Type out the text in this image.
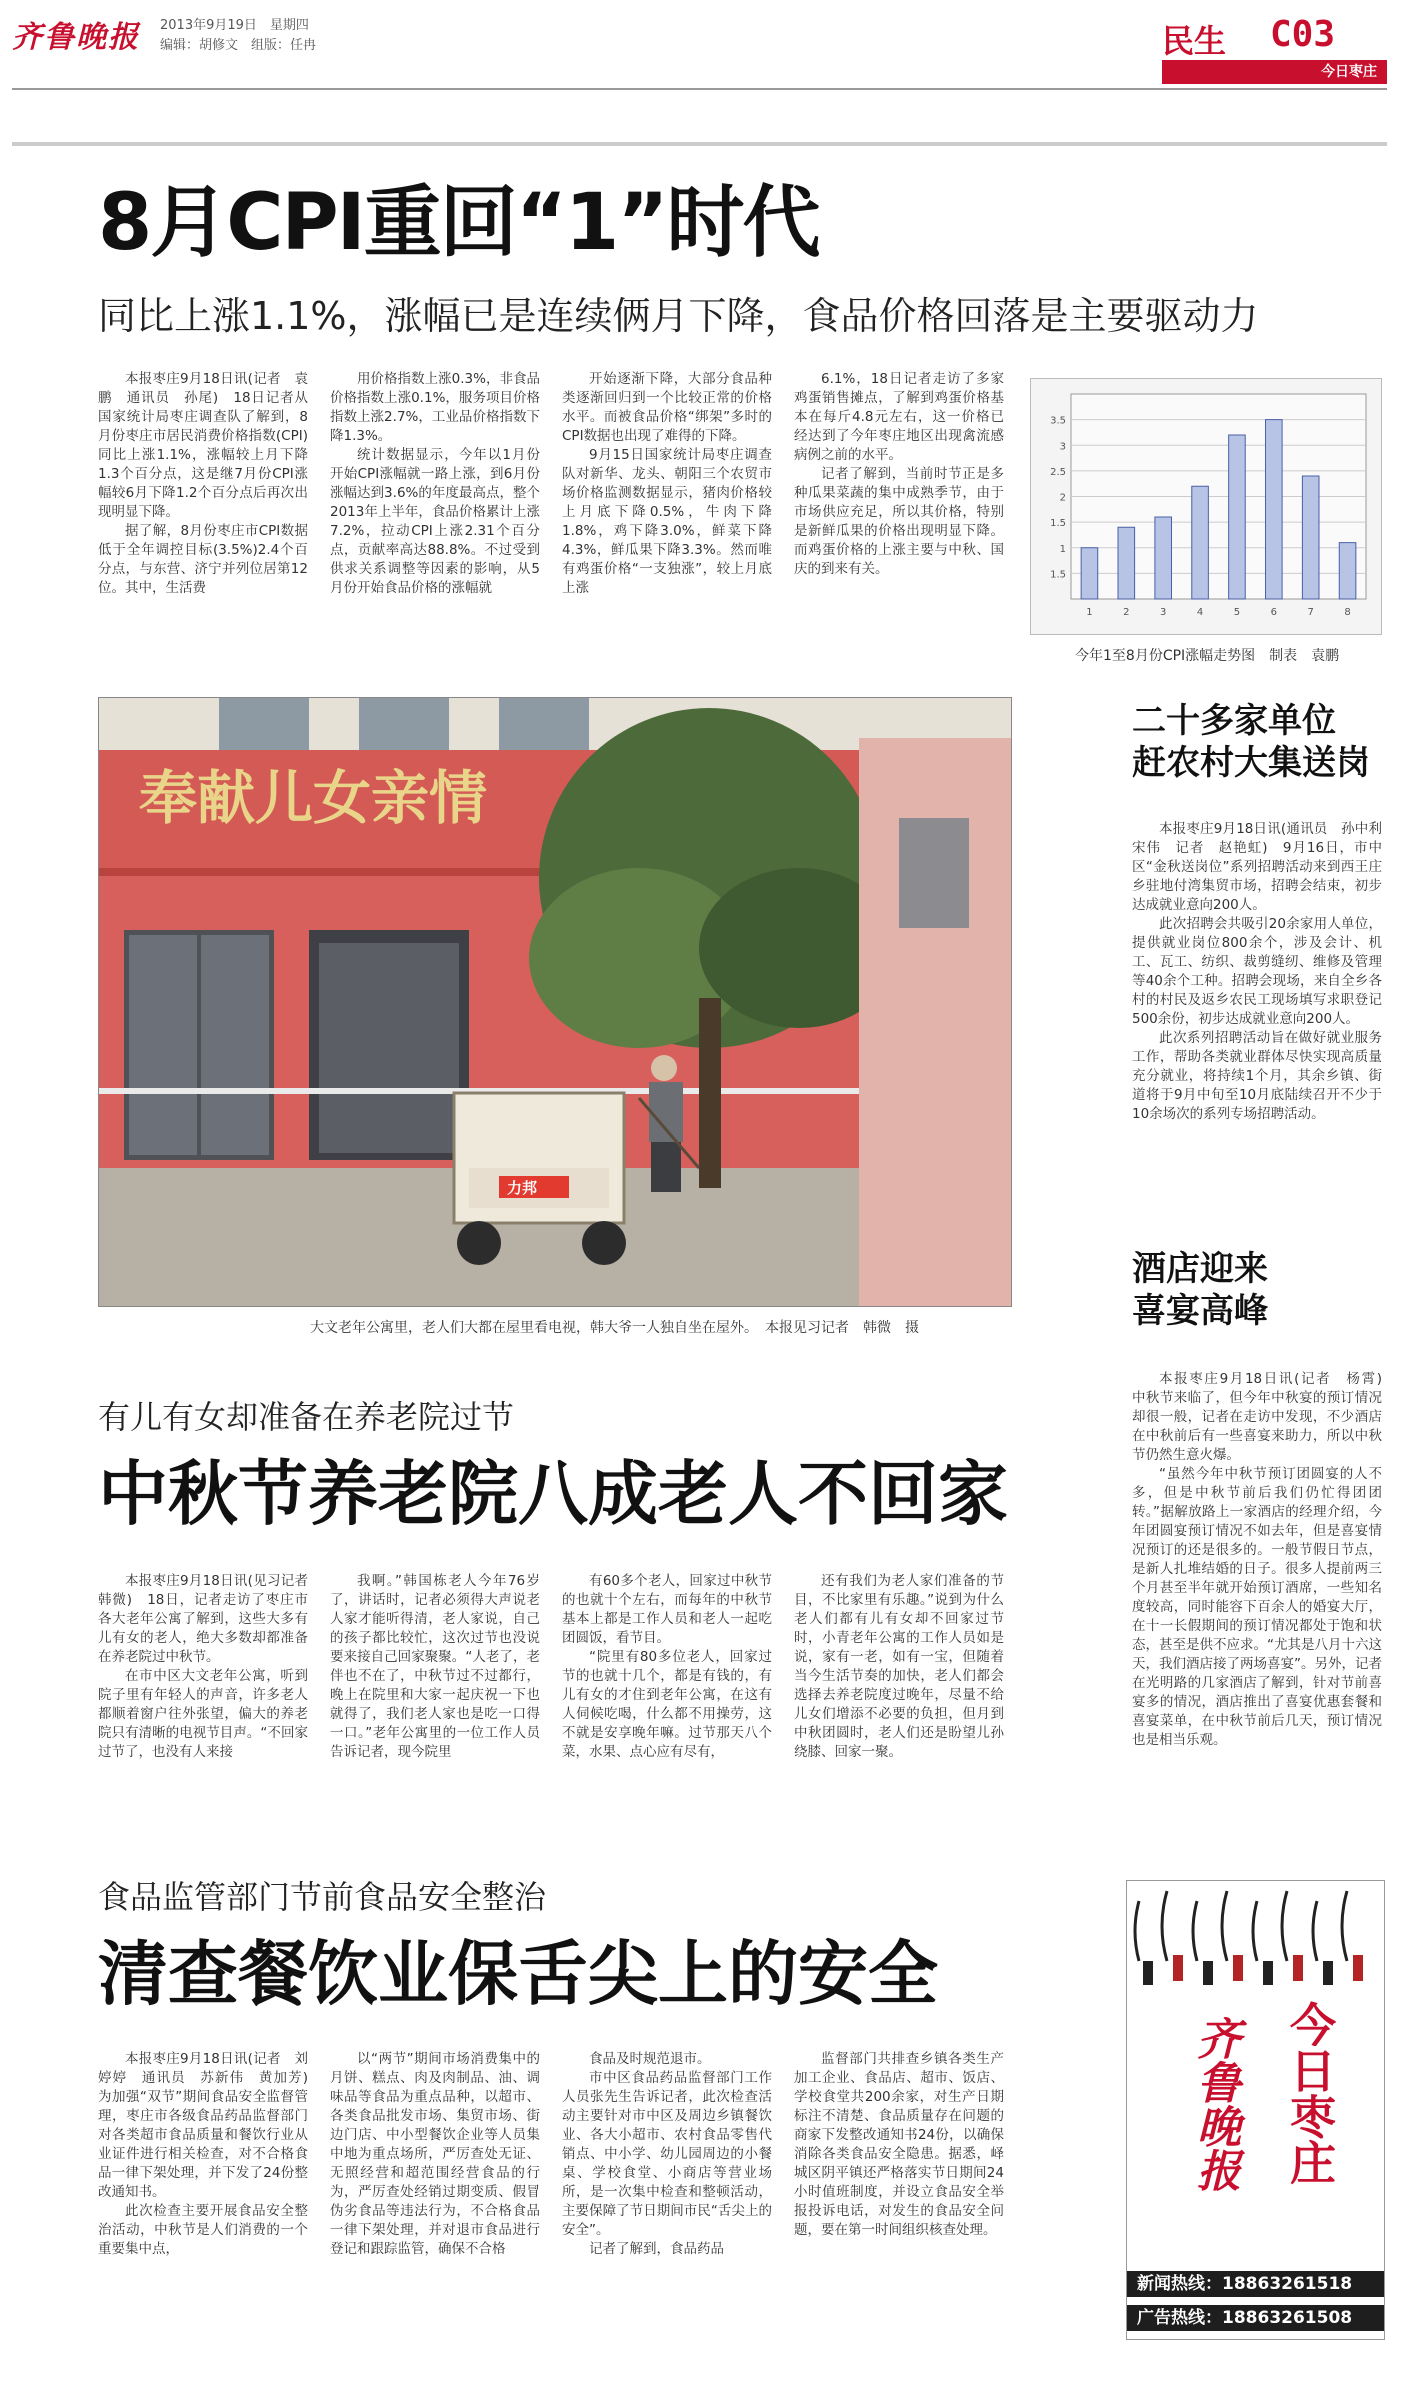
齐鲁晚报 2013年9月19日　星期四
编辑：胡修文　组版：任冉	民生 C03
今日枣庄
8月CPI重回“1”时代
同比上涨1.1%，涨幅已是连续俩月下降，食品价格回落是主要驱动力

本报枣庄9月18日讯(记者　袁鹏　通讯员　孙尾)　18日记者从国家统计局枣庄调查队了解到，8月份枣庄市居民消费价格指数(CPI)同比上涨1.1%，涨幅较上月下降1.3个百分点，这是继7月份CPI涨幅较6月下降1.2个百分点后再次出现明显下降。

据了解，8月份枣庄市CPI数据低于全年调控目标(3.5%)2.4个百分点，与东营、济宁并列位居第12位。其中，生活费

用价格指数上涨0.3%，非食品价格指数上涨0.1%，服务项目价格指数上涨2.7%，工业品价格指数下降1.3%。

统计数据显示，今年以1月份开始CPI涨幅就一路上涨，到6月份涨幅达到3.6%的年度最高点，整个2013年上半年，食品价格累计上涨7.2%，拉动CPI上涨2.31个百分点，贡献率高达88.8%。不过受到供求关系调整等因素的影响，从5月份开始食品价格的涨幅就

开始逐渐下降，大部分食品种类逐渐回归到一个比较正常的价格水平。而被食品价格“绑架”多时的CPI数据也出现了难得的下降。

9月15日国家统计局枣庄调查队对新华、龙头、朝阳三个农贸市场价格监测数据显示，猪肉价格较上月底下降0.5%，牛肉下降1.8%，鸡下降3.0%，鲜菜下降4.3%，鲜瓜果下降3.3%。然而唯有鸡蛋价格“一支独涨”，较上月底上涨

6.1%，18日记者走访了多家鸡蛋销售摊点，了解到鸡蛋价格基本在每斤4.8元左右，这一价格已经达到了今年枣庄地区出现禽流感病例之前的水平。

记者了解到，当前时节正是多种瓜果菜蔬的集中成熟季节，由于市场供应充足，所以其价格，特别是新鲜瓜果的价格出现明显下降。而鸡蛋价格的上涨主要与中秋、国庆的到来有关。	1.5
1
1.5
2
2.5
3
3.5
1	2	3	4	5	6	7	8
今年1至8月份CPI涨幅走势图　制表　袁鹏
奉献儿女亲情
力邦
大文老年公寓里，老人们大都在屋里看电视，韩大爷一人独自坐在屋外。　本报见习记者　韩微　摄
二十多家单位
赶农村大集送岗

本报枣庄9月18日讯(通讯员　孙中利　宋伟　记者　赵艳虹)　9月16日，市中区“金秋送岗位”系列招聘活动来到西王庄乡驻地付湾集贸市场，招聘会结束，初步达成就业意向200人。

此次招聘会共吸引20余家用人单位，提供就业岗位800余个，涉及会计、机工、瓦工、纺织、裁剪缝纫、维修及管理等40余个工种。招聘会现场，来自全乡各村的村民及返乡农民工现场填写求职登记500余份，初步达成就业意向200人。

此次系列招聘活动旨在做好就业服务工作，帮助各类就业群体尽快实现高质量充分就业，将持续1个月，其余乡镇、街道将于9月中旬至10月底陆续召开不少于10余场次的系列专场招聘活动。

酒店迎来
喜宴高峰

本报枣庄9月18日讯(记者　杨霄)　中秋节来临了，但今年中秋宴的预订情况却很一般，记者在走访中发现，不少酒店在中秋前后有一些喜宴来助力，所以中秋节仍然生意火爆。

“虽然今年中秋节预订团圆宴的人不多，但是中秋节前后我们仍忙得团团转。”据解放路上一家酒店的经理介绍，今年团圆宴预订情况不如去年，但是喜宴情况预订的还是很多的。一般节假日节点，是新人扎堆结婚的日子。很多人提前两三个月甚至半年就开始预订酒席，一些知名度较高，同时能容下百余人的婚宴大厅，在十一长假期间的预订情况都处于饱和状态，甚至是供不应求。“尤其是八月十六这天，我们酒店接了两场喜宴”。另外，记者在光明路的几家酒店了解到，针对节前喜宴多的情况，酒店推出了喜宴优惠套餐和喜宴菜单，在中秋节前后几天，预订情况也是相当乐观。

有儿有女却准备在养老院过节
中秋节养老院八成老人不回家

本报枣庄9月18日讯(见习记者　韩微)　18日，记者走访了枣庄市各大老年公寓了解到，这些大多有儿有女的老人，绝大多数却都准备在养老院过中秋节。

在市中区大文老年公寓，听到院子里有年轻人的声音，许多老人都顺着窗户往外张望，偏大的养老院只有清晰的电视节目声。“不回家过节了，也没有人来接

我啊。”韩国栋老人今年76岁了，讲话时，记者必须得大声说老人家才能听得清，老人家说，自己的孩子都比较忙，这次过节也没说要来接自己回家聚聚。“人老了，老伴也不在了，中秋节过不过都行，晚上在院里和大家一起庆祝一下也就得了，我们老人家也是吃一口得一口。”老年公寓里的一位工作人员告诉记者，现今院里

有60多个老人，回家过中秋节的也就十个左右，而每年的中秋节基本上都是工作人员和老人一起吃团圆饭，看节目。

“院里有80多位老人，回家过节的也就十几个，都是有钱的，有儿有女的才住到老年公寓，在这有人伺候吃喝，什么都不用操劳，这不就是安享晚年嘛。过节那天八个菜，水果、点心应有尽有，

还有我们为老人家们准备的节目，不比家里有乐趣。”说到为什么老人们都有儿有女却不回家过节时，小青老年公寓的工作人员如是说，家有一老，如有一宝，但随着当今生活节奏的加快，老人们都会选择去养老院度过晚年，尽量不给儿女们增添不必要的负担，但月到中秋团圆时，老人们还是盼望儿孙绕膝、回家一聚。

食品监管部门节前食品安全整治
清查餐饮业保舌尖上的安全

本报枣庄9月18日讯(记者　刘婷婷　通讯员　苏新伟　黄加芳)　为加强“双节”期间食品安全监督管理，枣庄市各级食品药品监督部门对各类超市食品质量和餐饮行业从业证件进行相关检查，对不合格食品一律下架处理，并下发了24份整改通知书。

此次检查主要开展食品安全整治活动，中秋节是人们消费的一个重要集中点，

以“两节”期间市场消费集中的月饼、糕点、肉及肉制品、油、调味品等食品为重点品种，以超市、各类食品批发市场、集贸市场、街边门店、中小型餐饮企业等人员集中地为重点场所，严厉查处无证、无照经营和超范围经营食品的行为，严厉查处经销过期变质、假冒伪劣食品等违法行为，不合格食品一律下架处理，并对退市食品进行登记和跟踪监管，确保不合格

食品及时规范退市。

市中区食品药品监督部门工作人员张先生告诉记者，此次检查活动主要针对市中区及周边乡镇餐饮业、各大小超市、农村食品零售代销点、中小学、幼儿园周边的小餐桌、学校食堂、小商店等营业场所，是一次集中检查和整顿活动，主要保障了节日期间市民“舌尖上的安全”。

记者了解到，食品药品

监督部门共排查乡镇各类生产加工企业、食品店、超市、饭店、学校食堂共200余家，对生产日期标注不清楚、食品质量存在问题的商家下发整改通知书24份，以确保消除各类食品安全隐患。据悉，峄城区阴平镇还严格落实节日期间24小时值班制度，并设立食品安全举报投诉电话，对发生的食品安全问题，要在第一时间组织核查处理。

齐鲁晚报 今日枣庄
新闻热线：18863261518
广告热线：18863261508
